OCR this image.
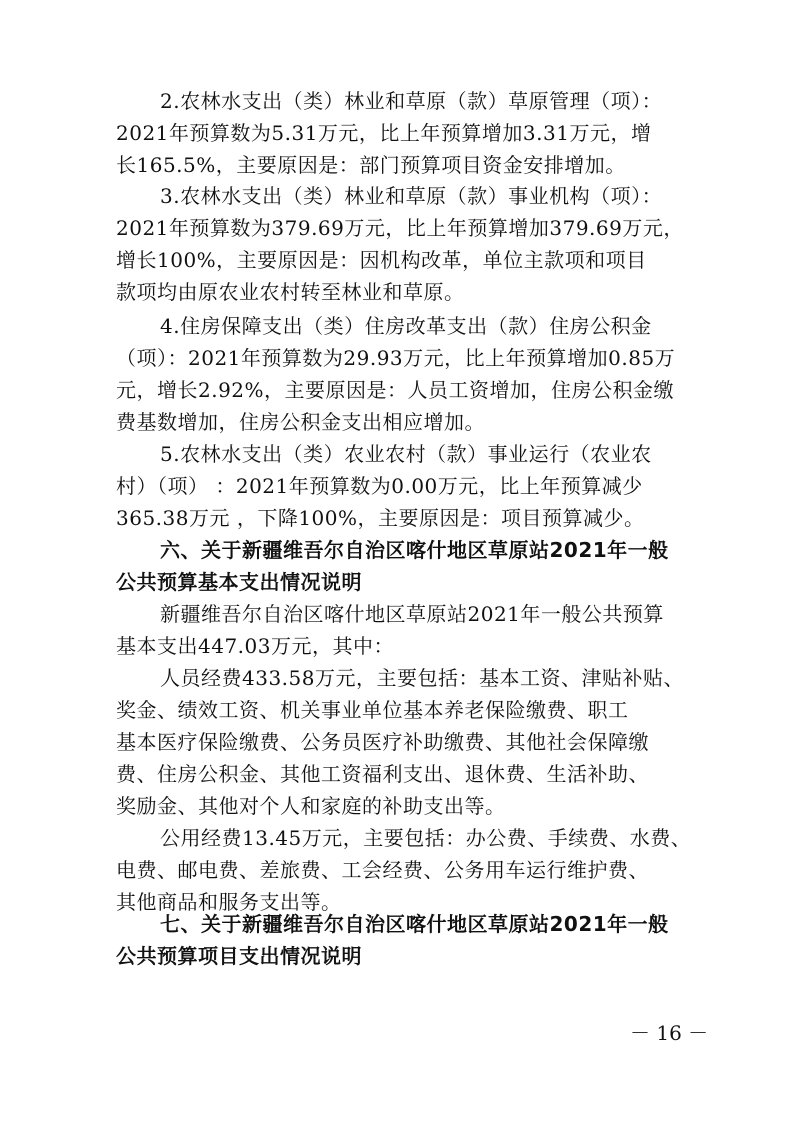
2.农林水支出（类）林业和草原（款）草原管理（项）：
2021年预算数为5.31万元，比上年预算增加3.31万元，增
长165.5%，主要原因是：部门预算项目资金安排增加。
3.农林水支出（类）林业和草原（款）事业机构（项）：
2021年预算数为379.69万元，比上年预算增加379.69万元，
增长100%，主要原因是：因机构改革，单位主款项和项目
款项均由原农业农村转至林业和草原。
4.住房保障支出（类）住房改革支出（款）住房公积金
（项）：2021年预算数为29.93万元，比上年预算增加0.85万
元，增长2.92%，主要原因是：人员工资增加，住房公积金缴
费基数增加，住房公积金支出相应增加。
5.农林水支出（类）农业农村（款）事业运行（农业农
村）（项） ：2021年预算数为0.00万元，比上年预算减少
365.38万元 ，下降100%，主要原因是：项目预算减少。
六、关于新疆维吾尔自治区喀什地区草原站2021年一般
公共预算基本支出情况说明
新疆维吾尔自治区喀什地区草原站2021年一般公共预算
基本支出447.03万元，其中：
人员经费433.58万元，主要包括：基本工资、津贴补贴、
奖金、绩效工资、机关事业单位基本养老保险缴费、职工
基本医疗保险缴费、公务员医疗补助缴费、其他社会保障缴
费、住房公积金、其他工资福利支出、退休费、生活补助、
奖励金、其他对个人和家庭的补助支出等。
公用经费13.45万元，主要包括：办公费、手续费、水费、
电费、邮电费、差旅费、工会经费、公务用车运行维护费、
其他商品和服务支出等。
七、关于新疆维吾尔自治区喀什地区草原站2021年一般
公共预算项目支出情况说明
－ 16 －
